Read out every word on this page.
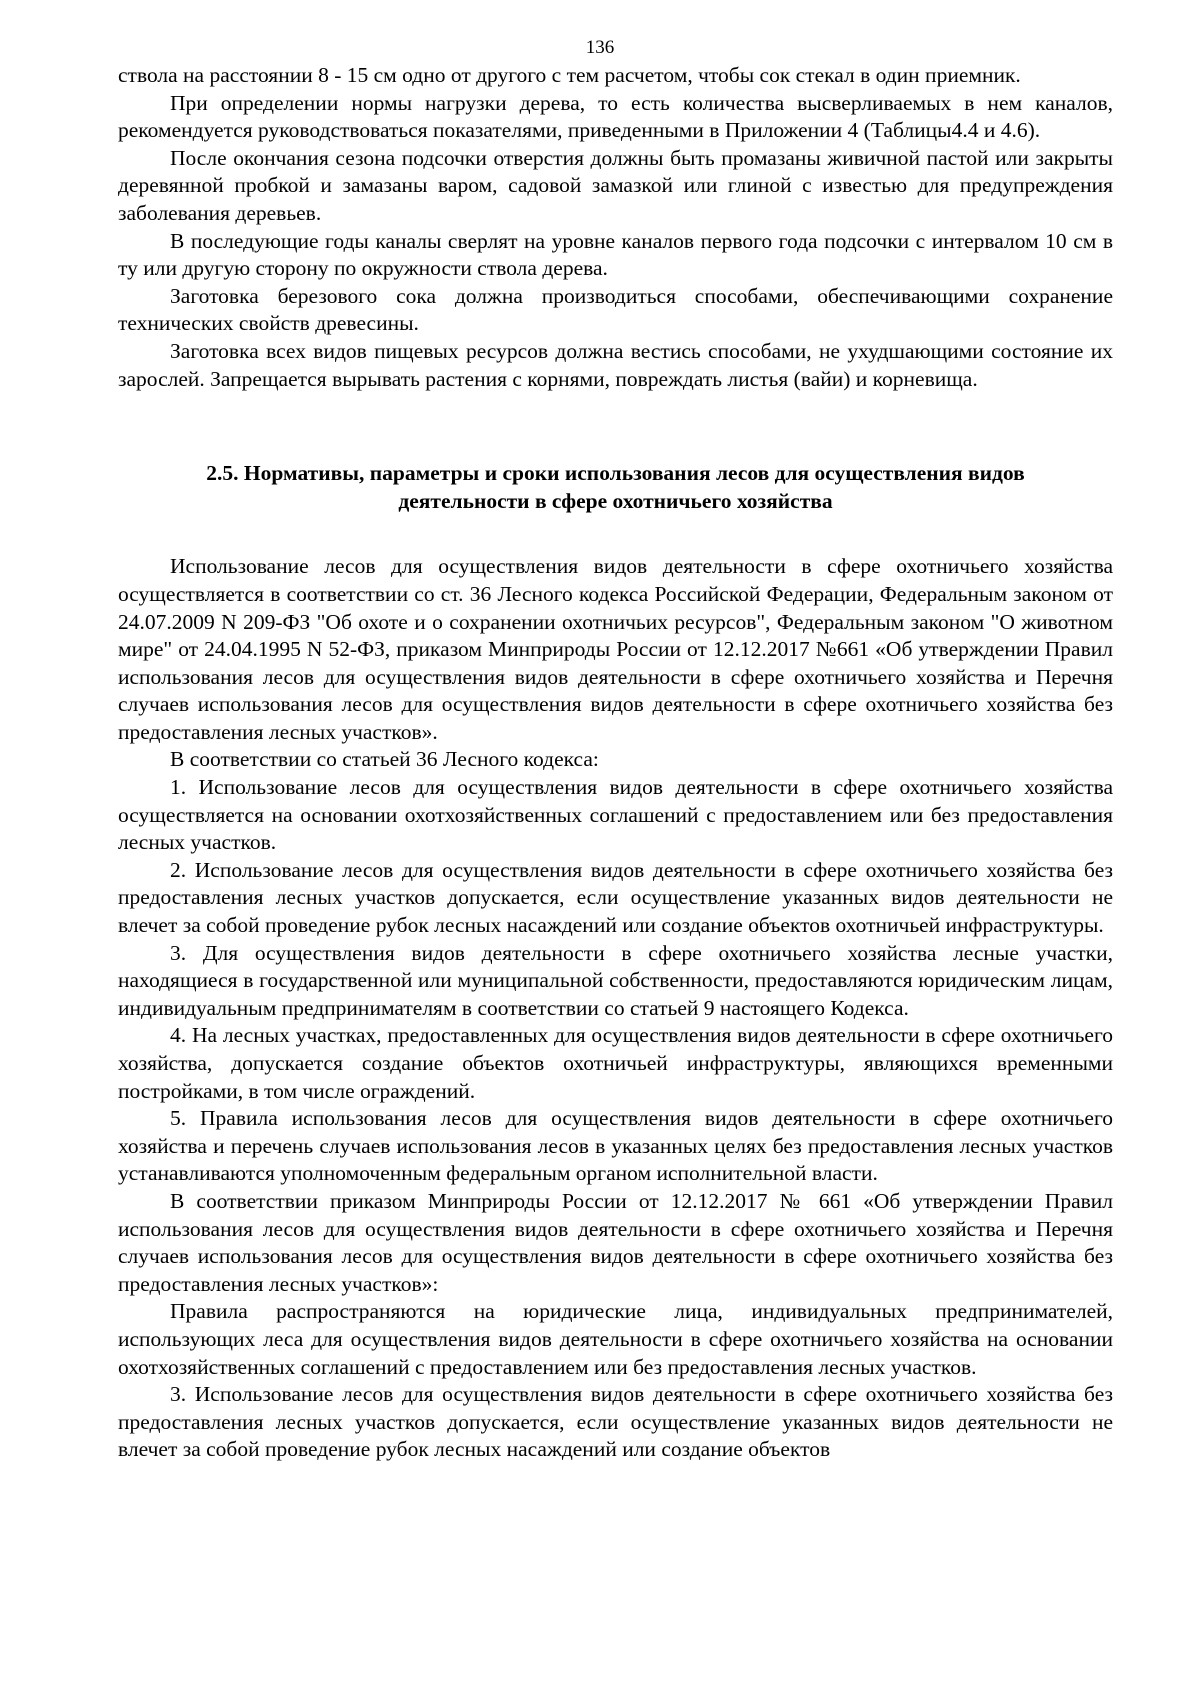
136

ствола на расстоянии 8 - 15 см одно от другого с тем расчетом, чтобы сок стекал в один приемник.

При определении нормы нагрузки дерева, то есть количества высверливаемых в нем каналов, рекомендуется руководствоваться показателями, приведенными в Приложении 4 (Таблицы4.4 и 4.6).

После окончания сезона подсочки отверстия должны быть промазаны живичной пастой или закрыты деревянной пробкой и замазаны варом, садовой замазкой или глиной с известью для предупреждения заболевания деревьев.

В последующие годы каналы сверлят на уровне каналов первого года подсочки с интервалом 10 см в ту или другую сторону по окружности ствола дерева.

Заготовка березового сока должна производиться способами, обеспечивающими сохранение технических свойств древесины.

Заготовка всех видов пищевых ресурсов должна вестись способами, не ухудшающими состояние их зарослей. Запрещается вырывать растения с корнями, повреждать листья (вайи) и корневища.

2.5. Нормативы, параметры и сроки использования лесов для осуществления видов деятельности в сфере охотничьего хозяйства

Использование лесов для осуществления видов деятельности в сфере охотничьего хозяйства осуществляется в соответствии со ст. 36 Лесного кодекса Российской Федерации, Федеральным законом от 24.07.2009 N 209-ФЗ "Об охоте и о сохранении охотничьих ресурсов", Федеральным законом "О животном мире" от 24.04.1995 N 52-ФЗ, приказом Минприроды России от 12.12.2017 №661 «Об утверждении Правил использования лесов для осуществления видов деятельности в сфере охотничьего хозяйства и Перечня случаев использования лесов для осуществления видов деятельности в сфере охотничьего хозяйства без предоставления лесных участков».

В соответствии со статьей 36 Лесного кодекса:

1. Использование лесов для осуществления видов деятельности в сфере охотничьего хозяйства осуществляется на основании охотхозяйственных соглашений с предоставлением или без предоставления лесных участков.

2. Использование лесов для осуществления видов деятельности в сфере охотничьего хозяйства без предоставления лесных участков допускается, если осуществление указанных видов деятельности не влечет за собой проведение рубок лесных насаждений или создание объектов охотничьей инфраструктуры.

3. Для осуществления видов деятельности в сфере охотничьего хозяйства лесные участки, находящиеся в государственной или муниципальной собственности, предоставляются юридическим лицам, индивидуальным предпринимателям в соответствии со статьей 9 настоящего Кодекса.

4. На лесных участках, предоставленных для осуществления видов деятельности в сфере охотничьего хозяйства, допускается создание объектов охотничьей инфраструктуры, являющихся временными постройками, в том числе ограждений.

5. Правила использования лесов для осуществления видов деятельности в сфере охотничьего хозяйства и перечень случаев использования лесов в указанных целях без предоставления лесных участков устанавливаются уполномоченным федеральным органом исполнительной власти.

В соответствии приказом Минприроды России от 12.12.2017 № 661 «Об утверждении Правил использования лесов для осуществления видов деятельности в сфере охотничьего хозяйства и Перечня случаев использования лесов для осуществления видов деятельности в сфере охотничьего хозяйства без предоставления лесных участков»:

Правила распространяются на юридические лица, индивидуальных предпринимателей, использующих леса для осуществления видов деятельности в сфере охотничьего хозяйства на основании охотхозяйственных соглашений с предоставлением или без предоставления лесных участков.

3. Использование лесов для осуществления видов деятельности в сфере охотничьего хозяйства без предоставления лесных участков допускается, если осуществление указанных видов деятельности не влечет за собой проведение рубок лесных насаждений или создание объектов
